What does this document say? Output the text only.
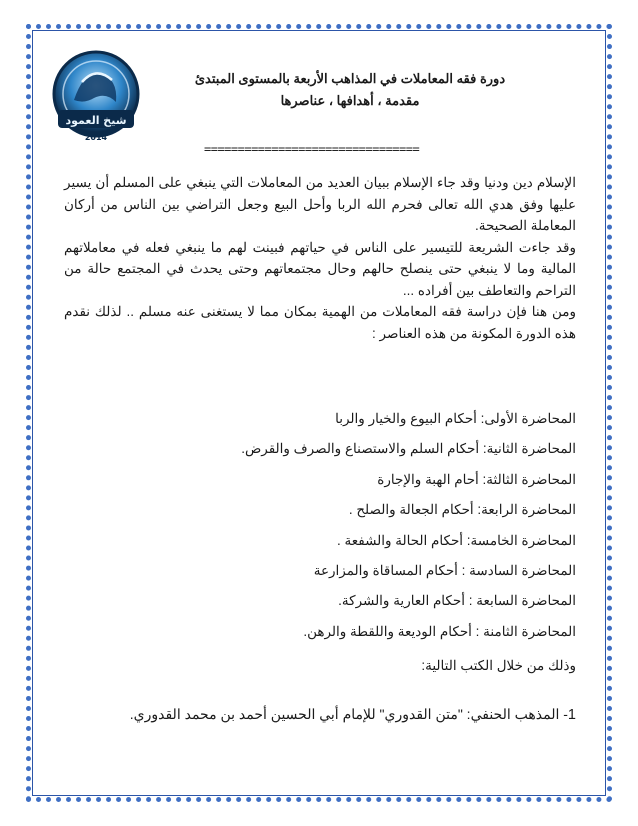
شيخ العمود
2014
دورة فقه المعاملات في المذاهب الأربعة بالمستوى المبتدئ
مقدمة ، أهدافها ، عناصرها
================================

الإسلام دين ودنيا وقد جاء الإسلام ببيان العديد من المعاملات التي ينبغي على المسلم أن يسير عليها وفق هدي الله تعالى فحرم الله الربا وأحل البيع وجعل التراضي بين الناس من أركان المعاملة الصحيحة.

وقد جاءت الشريعة للتيسير على الناس في حياتهم فبينت لهم ما ينبغي فعله في معاملاتهم المالية وما لا ينبغي حتى ينصلح حالهم وحال مجتمعاتهم وحتى يحدث في المجتمع حالة من التراحم والتعاطف بين أفراده ...

ومن هنا فإن دراسة فقه المعاملات من الهمية بمكان مما لا يستغنى عنه مسلم .. لذلك نقدم هذه الدورة المكونة من هذه العناصر :

المحاضرة الأولى: أحكام البيوع والخيار والربا
المحاضرة الثانية: أحكام السلم والاستصناع والصرف والقرض.
المحاضرة الثالثة: أحام الهبة والإجارة
المحاضرة الرابعة: أحكام الجعالة والصلح .
المحاضرة الخامسة: أحكام الحالة والشفعة .
المحاضرة السادسة : أحكام المساقاة والمزارعة
المحاضرة السابعة : أحكام العارية والشركة.
المحاضرة الثامنة : أحكام الوديعة واللقطة والرهن.
وذلك من خلال الكتب التالية:
1- المذهب الحنفي: "متن القدوري" للإمام أبي الحسين أحمد بن محمد القدوري.
